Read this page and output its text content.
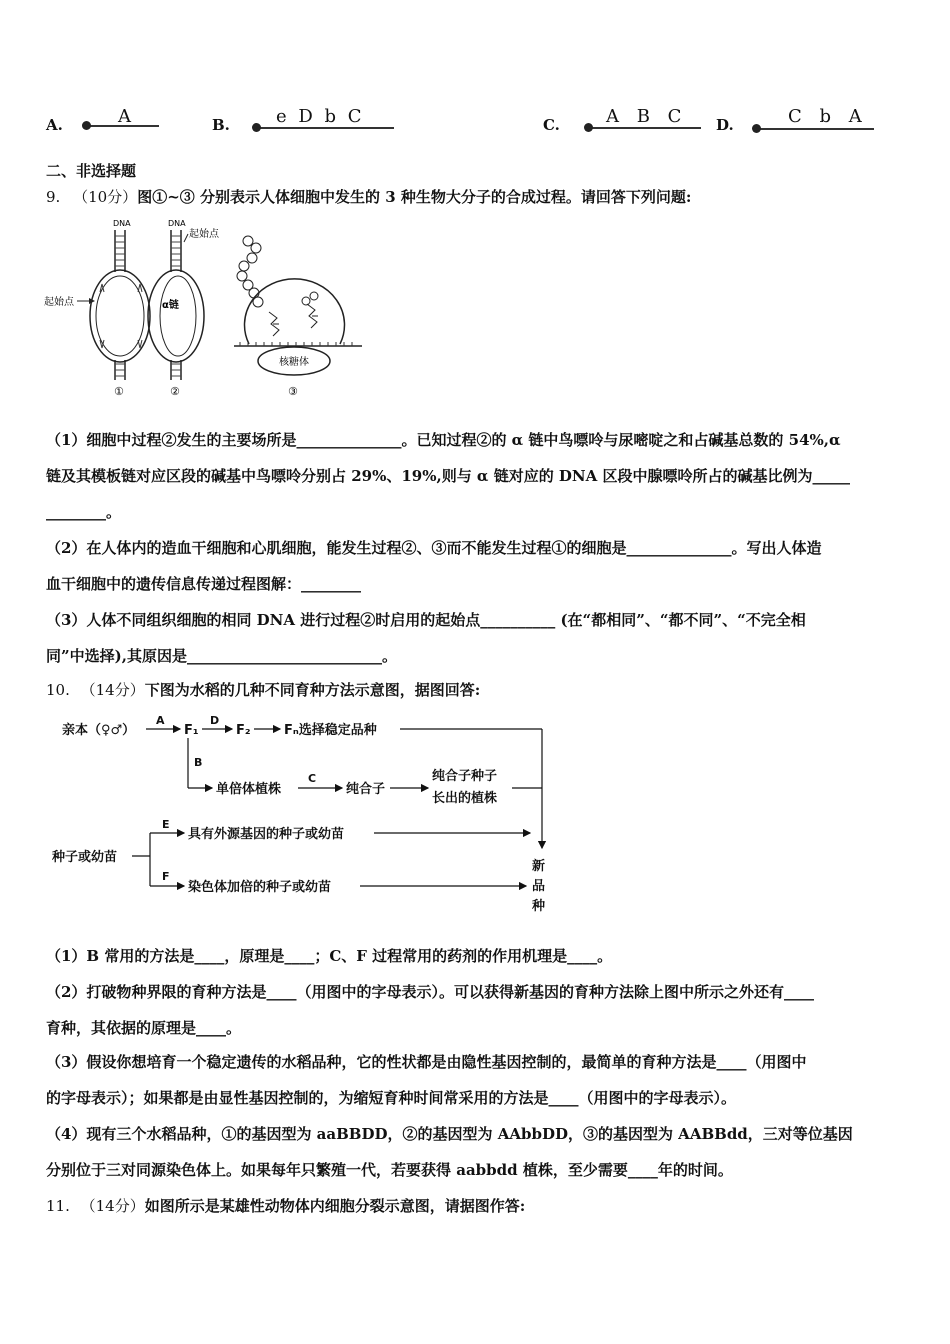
A.	A	B.	e D b C	C.	A B C D.	C b A
二、非选择题
9. （10分）图①~③ 分别表示人体细胞中发生的 3 种生物大分子的合成过程。请回答下列问题:
DNA
起始点
①
DNA
α链
起始点
②
核糖体
③
（1）细胞中过程②发生的主要场所是______________。已知过程②的 α 链中鸟嘌呤与尿嘧啶之和占碱基总数的 54%,α
链及其模板链对应区段的碱基中鸟嘌呤分别占 29%、19%,则与 α 链对应的 DNA 区段中腺嘌呤所占的碱基比例为_____
________。
（2）在人体内的造血干细胞和心肌细胞，能发生过程②、③而不能发生过程①的细胞是______________。写出人体造
血干细胞中的遗传信息传递过程图解：________
（3）人体不同组织细胞的相同 DNA 进行过程②时启用的起始点__________ (在“都相同”、“都不同”、“不完全相
同”中选择),其原因是__________________________。
10. （14分）下图为水稻的几种不同育种方法示意图，据图回答:
亲本（♀♂）
A
F₁
D
F₂	Fₙ选择稳定品种
B
单倍体植株
C
纯合子
纯合子种子
长出的植株
种子或幼苗
E
具有外源基因的种子或幼苗
F
染色体加倍的种子或幼苗
新
品
种
（1）B 常用的方法是____，原理是____；C、F 过程常用的药剂的作用机理是____。
（2）打破物种界限的育种方法是____（用图中的字母表示）。可以获得新基因的育种方法除上图中所示之外还有____
育种，其依据的原理是____。
（3）假设你想培育一个稳定遗传的水稻品种，它的性状都是由隐性基因控制的，最简单的育种方法是____（用图中
的字母表示）；如果都是由显性基因控制的，为缩短育种时间常采用的方法是____（用图中的字母表示）。
（4）现有三个水稻品种，①的基因型为 aaBBDD，②的基因型为 AAbbDD，③的基因型为 AABBdd，三对等位基因
分别位于三对同源染色体上。如果每年只繁殖一代，若要获得 aabbdd 植株，至少需要____年的时间。
11. （14分）如图所示是某雄性动物体内细胞分裂示意图，请据图作答:
